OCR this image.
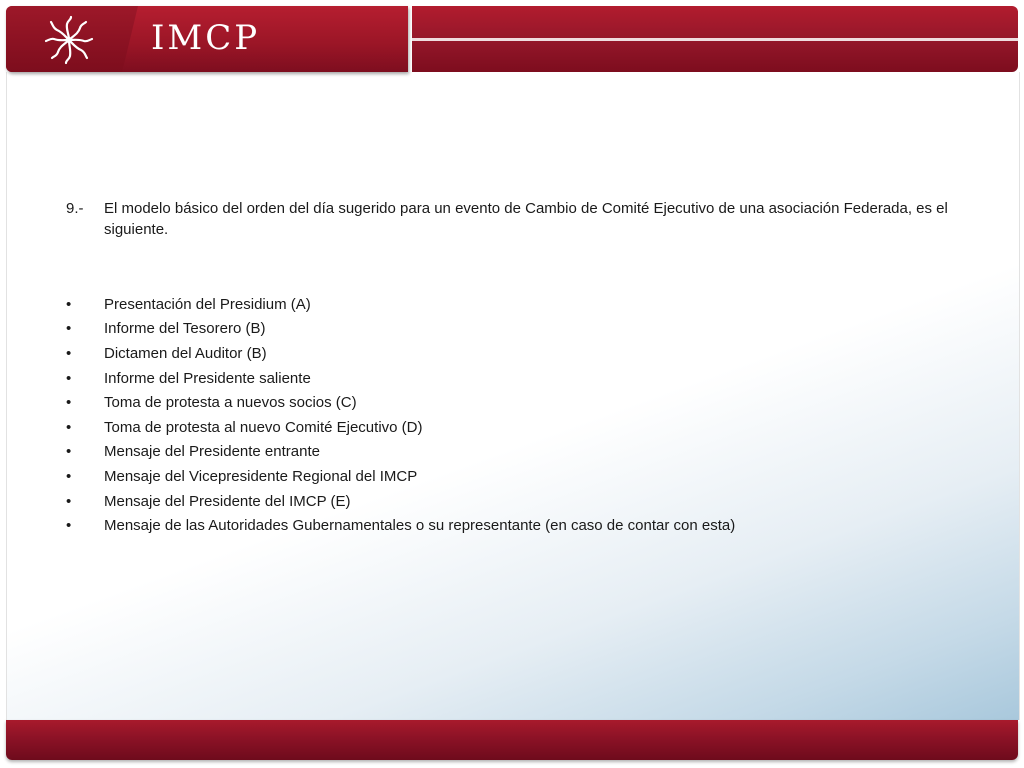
IMCP
9.-	El modelo básico del orden del día sugerido para un evento de Cambio de Comité Ejecutivo de una asociación Federada, es el siguiente.
•	Presentación del Presidium (A)
•	Informe del Tesorero (B)
•	Dictamen del Auditor (B)
•	Informe del Presidente saliente
•	Toma de protesta a nuevos socios (C)
•	Toma de protesta al nuevo Comité Ejecutivo (D)
•	Mensaje del Presidente entrante
•	Mensaje del Vicepresidente Regional del IMCP
•	Mensaje del Presidente del IMCP (E)
•	Mensaje de las Autoridades Gubernamentales o su representante (en caso de contar con esta)
